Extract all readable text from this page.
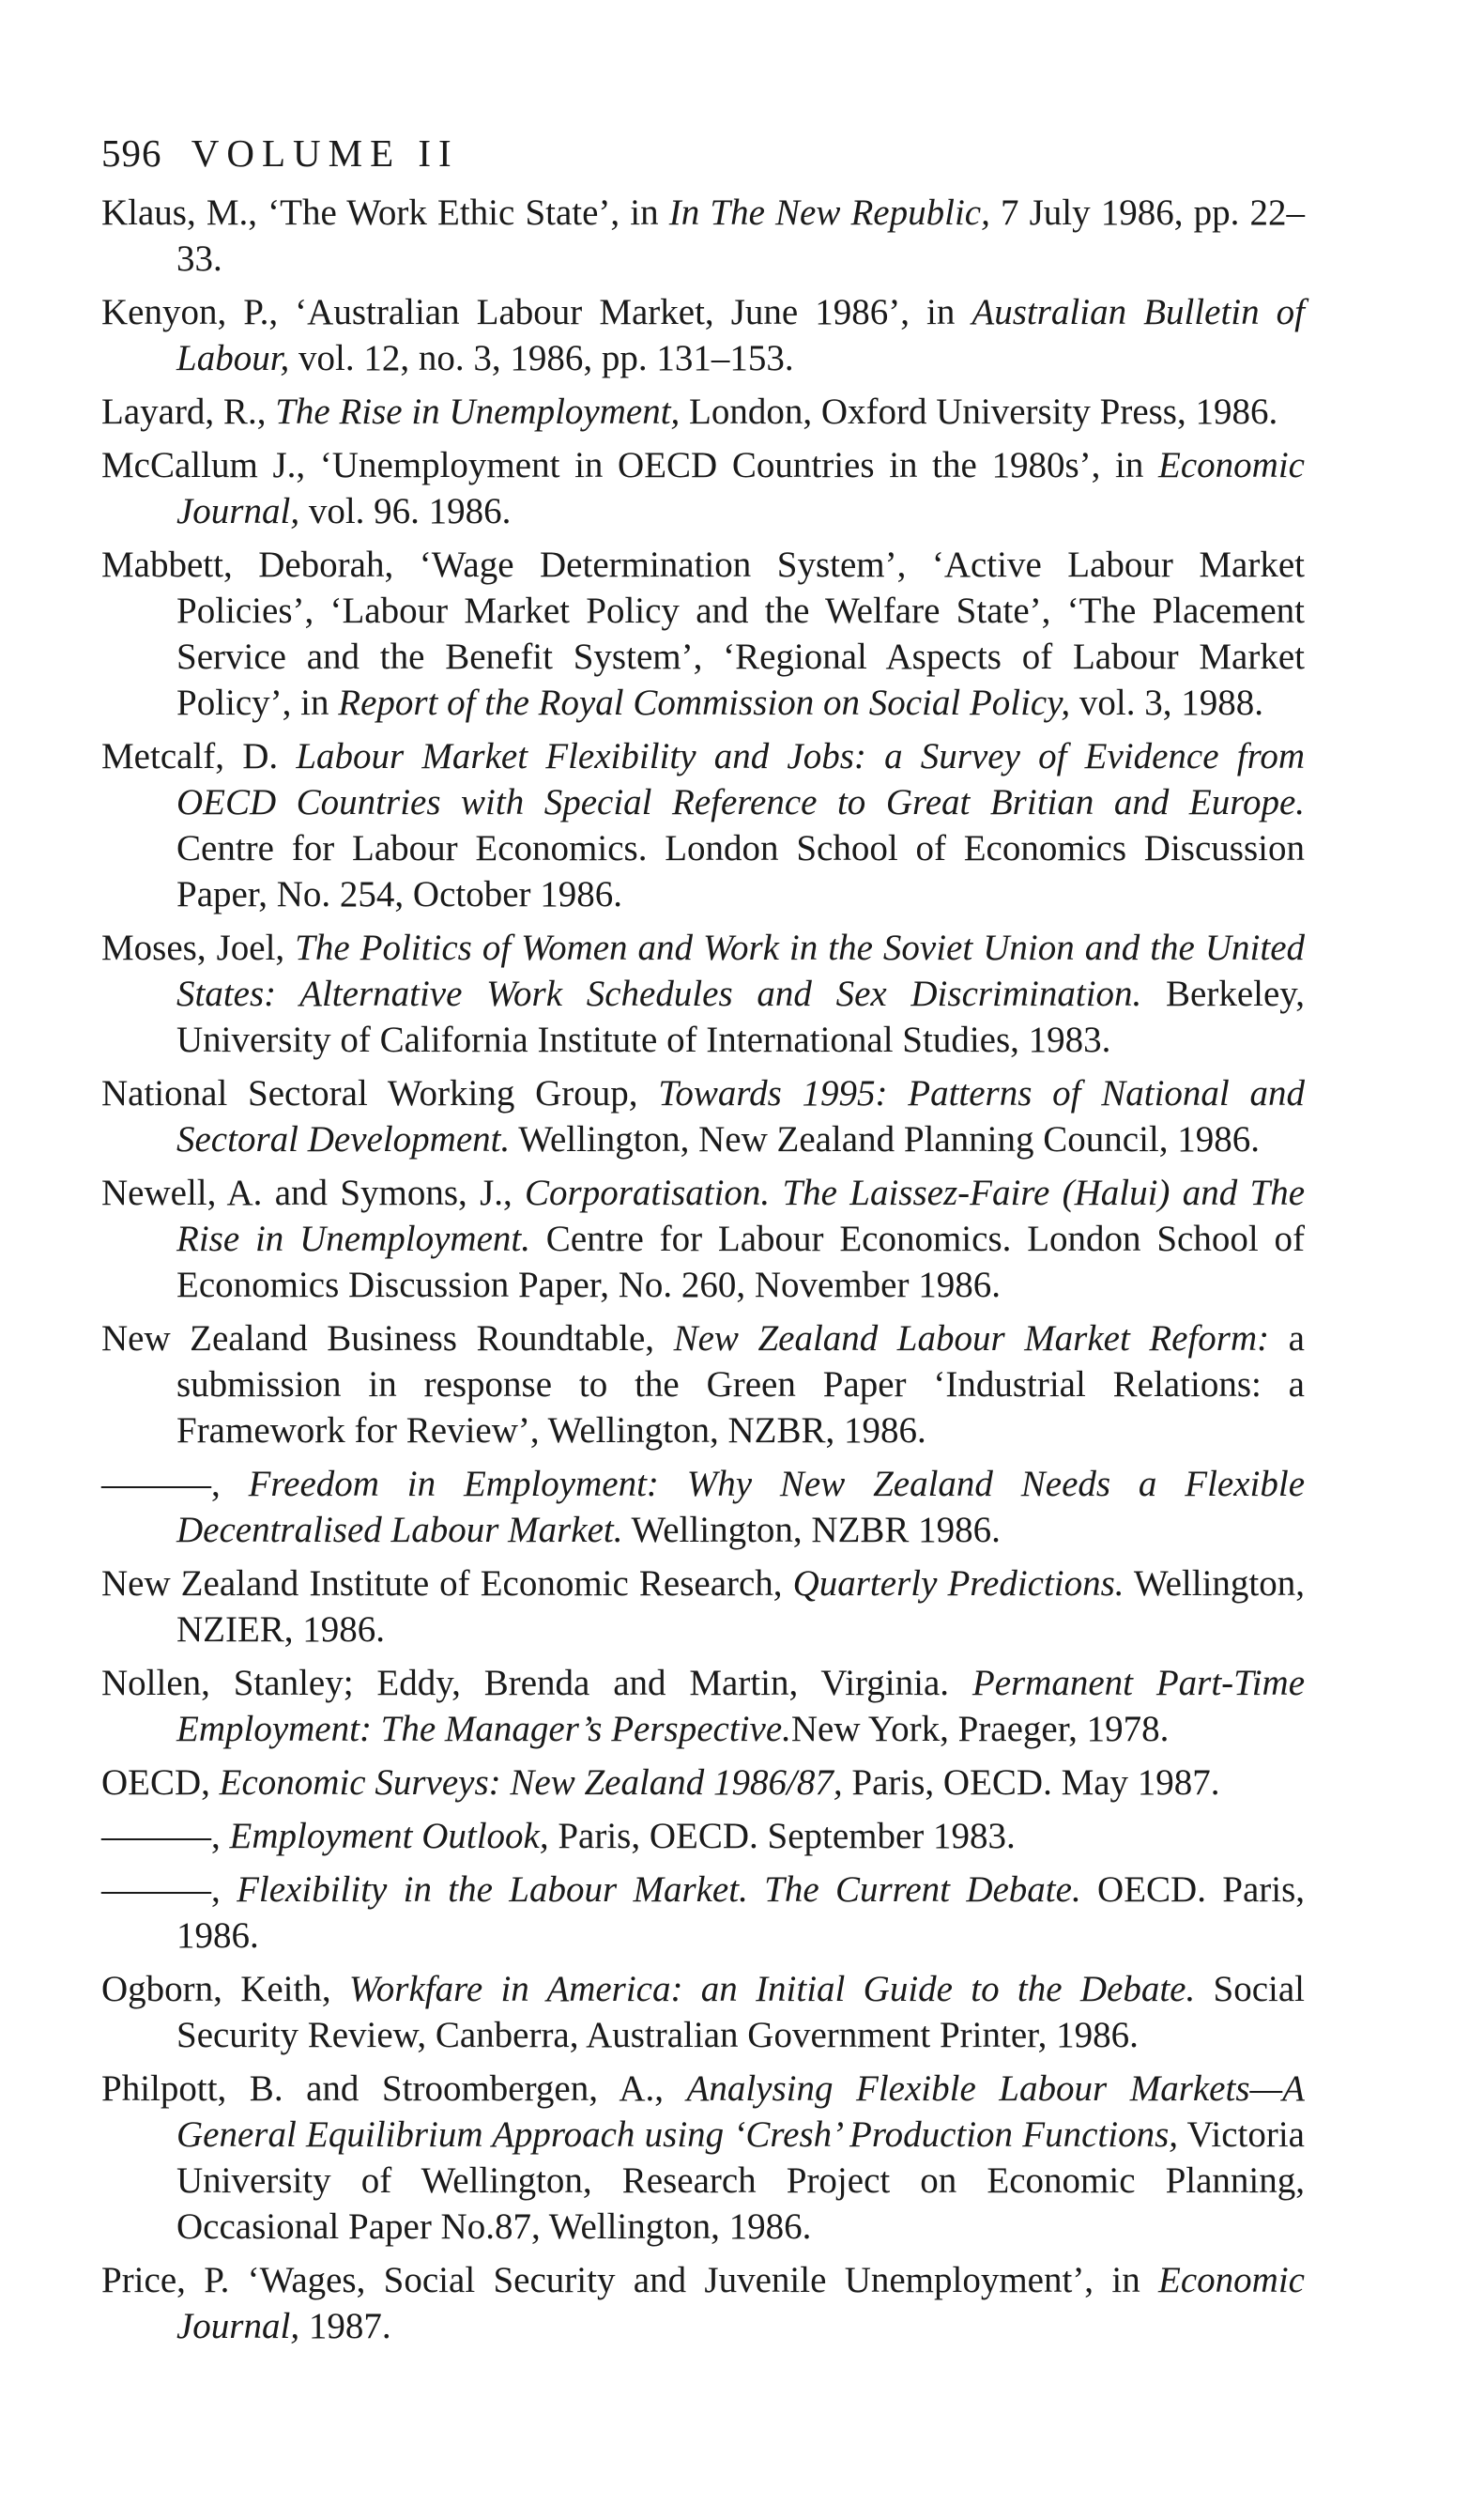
596 VOLUME II

Klaus, M., ‘The Work Ethic State’, in In The New Republic, 7 July 1986, pp. 22–33.

Kenyon, P., ‘Australian Labour Market, June 1986’, in Australian Bulletin of Labour, vol. 12, no. 3, 1986, pp. 131–153.

Layard, R., The Rise in Unemployment, London, Oxford University Press, 1986.

McCallum J., ‘Unemployment in OECD Countries in the 1980s’, in Economic Journal, vol. 96. 1986.

Mabbett, Deborah, ‘Wage Determination System’, ‘Active Labour Market Policies’, ‘Labour Market Policy and the Welfare State’, ‘The Placement Service and the Benefit System’, ‘Regional Aspects of Labour Market Policy’, in Report of the Royal Commission on Social Policy, vol. 3, 1988.

Metcalf, D. Labour Market Flexibility and Jobs: a Survey of Evidence from OECD Countries with Special Reference to Great Britian and Europe. Centre for Labour Economics. London School of Economics Discussion Paper, No. 254, October 1986.

Moses, Joel, The Politics of Women and Work in the Soviet Union and the United States: Alternative Work Schedules and Sex Discrimination. Berkeley, University of California Institute of International Studies, 1983.

National Sectoral Working Group, Towards 1995: Patterns of National and Sectoral Development. Wellington, New Zealand Planning Council, 1986.

Newell, A. and Symons, J., Corporatisation. The Laissez-Faire (Halui) and The Rise in Unemployment. Centre for Labour Economics. London School of Economics Discussion Paper, No. 260, November 1986.

New Zealand Business Roundtable, New Zealand Labour Market Reform: a submission in response to the Green Paper ‘Industrial Relations: a Framework for Review’, Wellington, NZBR, 1986.

———, Freedom in Employment: Why New Zealand Needs a Flexible Decentralised Labour Market. Wellington, NZBR 1986.

New Zealand Institute of Economic Research, Quarterly Predictions. Wellington, NZIER, 1986.

Nollen, Stanley; Eddy, Brenda and Martin, Virginia. Permanent Part-Time Employment: The Manager’s Perspective.New York, Praeger, 1978.

OECD, Economic Surveys: New Zealand 1986/87, Paris, OECD. May 1987.

———, Employment Outlook, Paris, OECD. September 1983.

———, Flexibility in the Labour Market. The Current Debate. OECD. Paris, 1986.

Ogborn, Keith, Workfare in America: an Initial Guide to the Debate. Social Security Review, Canberra, Australian Government Printer, 1986.

Philpott, B. and Stroombergen, A., Analysing Flexible Labour Markets—A General Equilibrium Approach using ‘Cresh’ Production Functions, Victoria University of Wellington, Research Project on Economic Planning, Occasional Paper No.87, Wellington, 1986.

Price, P. ‘Wages, Social Security and Juvenile Unemployment’, in Economic Journal, 1987.
